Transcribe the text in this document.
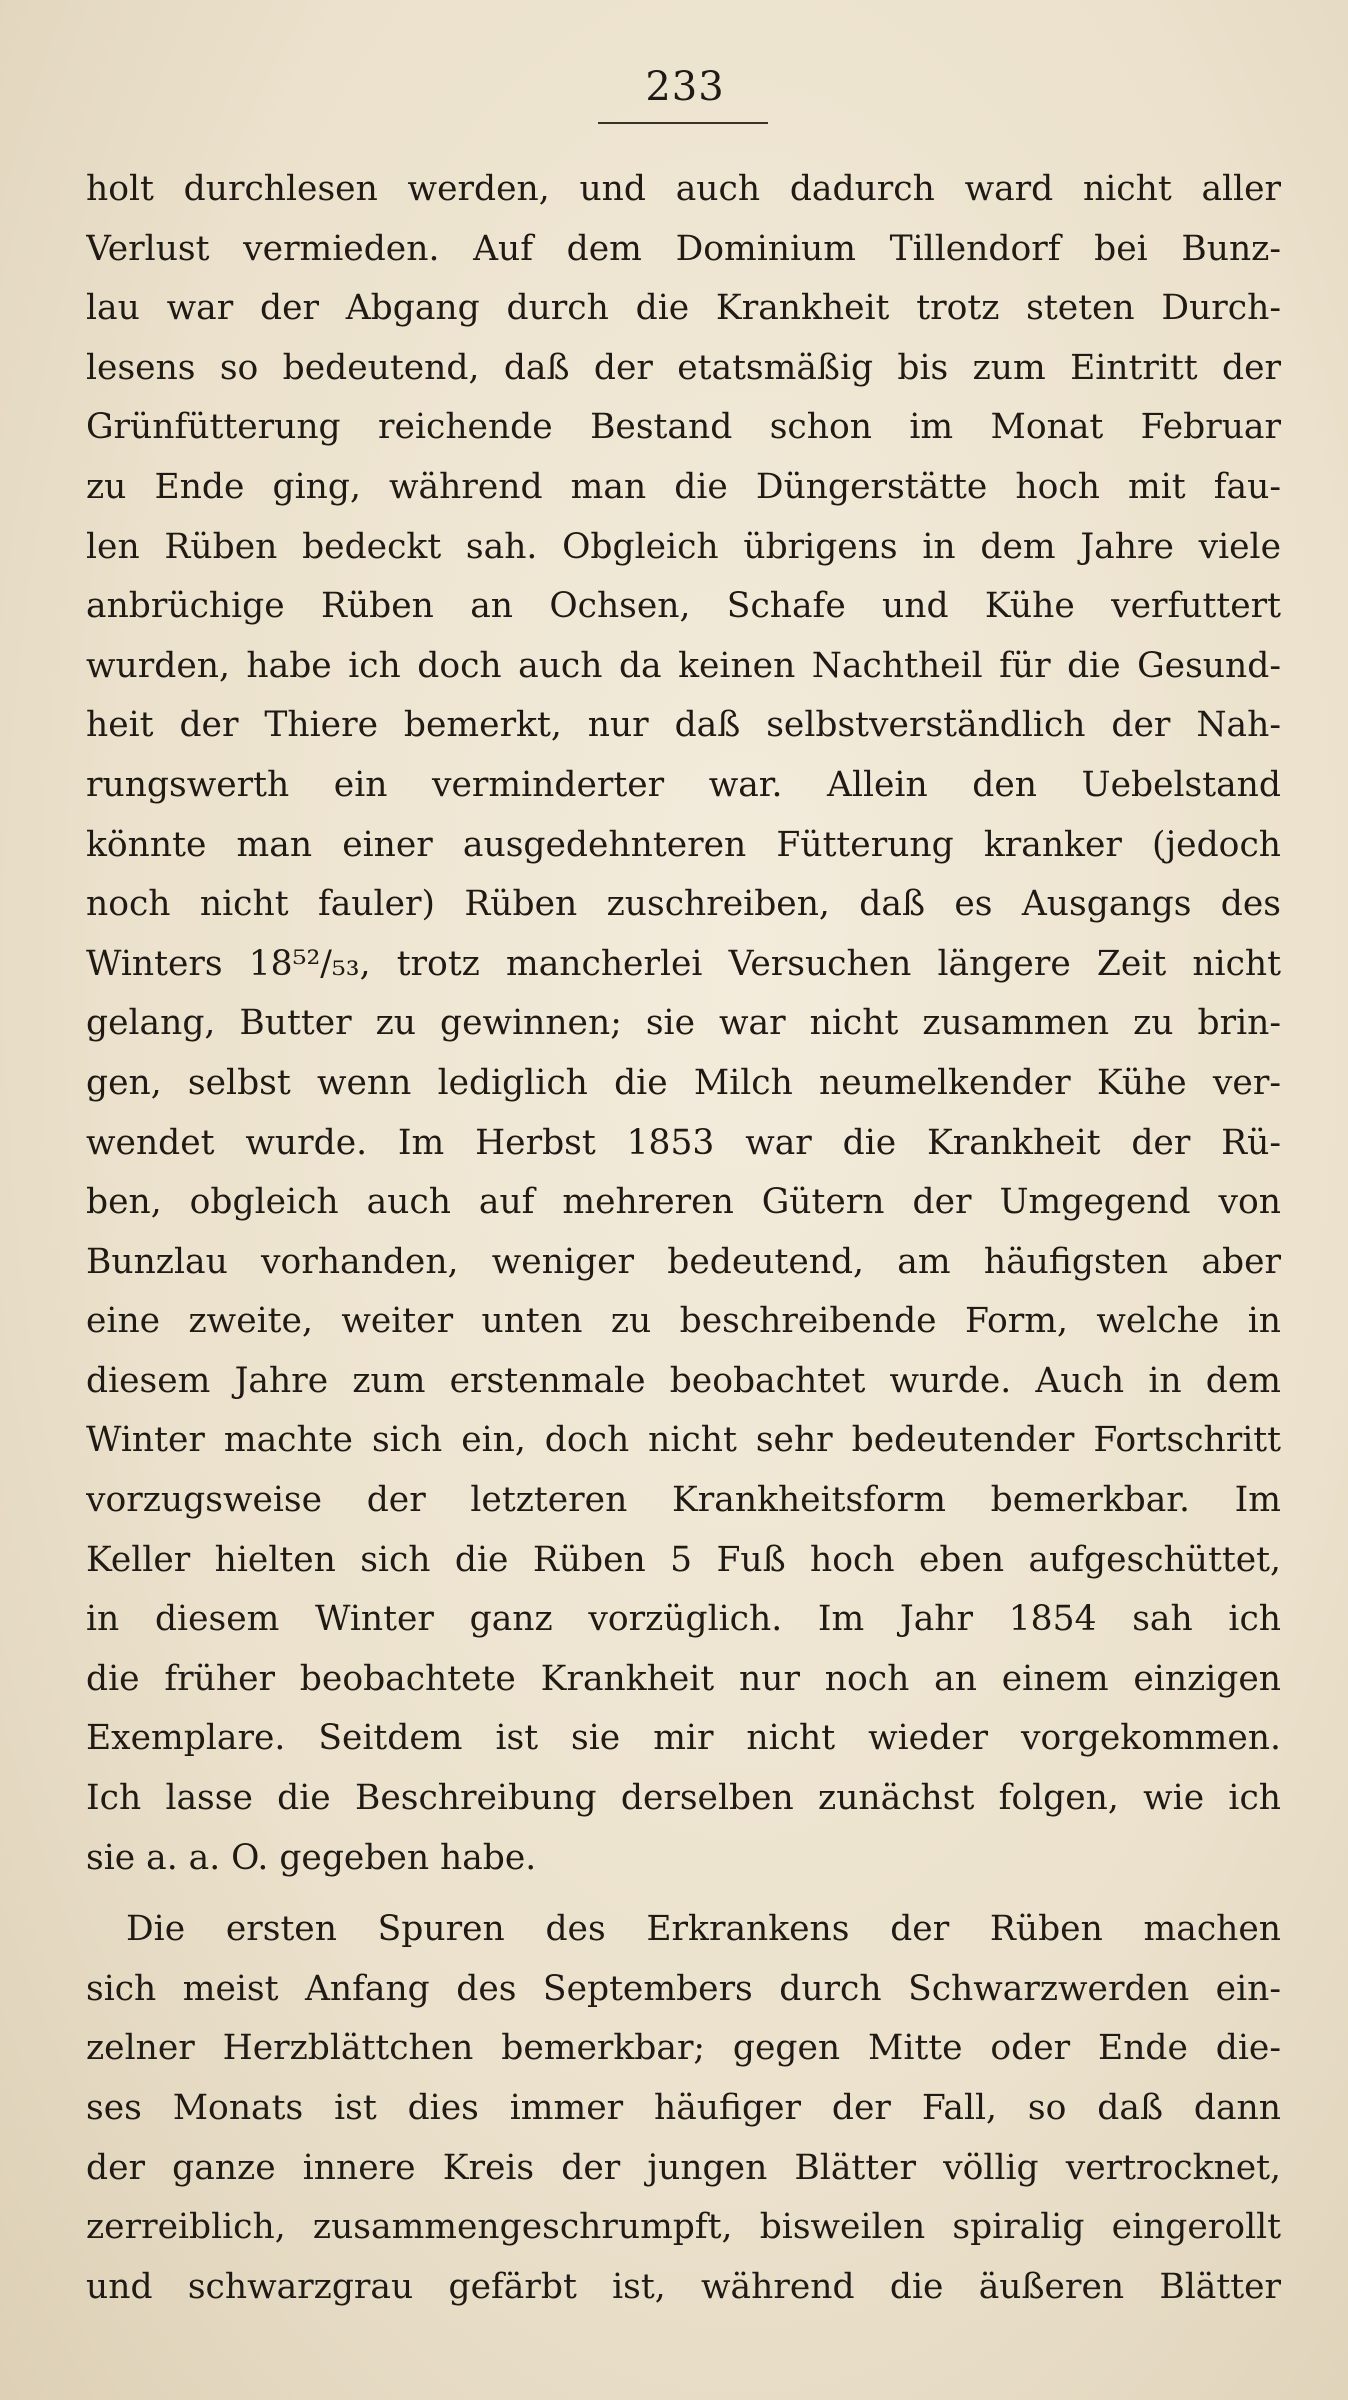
233
holt durchlesen werden, und auch dadurch ward nicht aller
Verlust vermieden. Auf dem Dominium Tillendorf bei Bunz-
lau war der Abgang durch die Krankheit trotz steten Durch-
lesens so bedeutend, daß der etatsmäßig bis zum Eintritt der
Grünfütterung reichende Bestand schon im Monat Februar
zu Ende ging, während man die Düngerstätte hoch mit fau-
len Rüben bedeckt sah. Obgleich übrigens in dem Jahre viele
anbrüchige Rüben an Ochsen, Schafe und Kühe verfuttert
wurden, habe ich doch auch da keinen Nachtheil für die Gesund-
heit der Thiere bemerkt, nur daß selbstverständlich der Nah-
rungswerth ein verminderter war. Allein den Uebelstand
könnte man einer ausgedehnteren Fütterung kranker (jedoch
noch nicht fauler) Rüben zuschreiben, daß es Ausgangs des
Winters 18⁵²/₅₃, trotz mancherlei Versuchen längere Zeit nicht
gelang, Butter zu gewinnen; sie war nicht zusammen zu brin-
gen, selbst wenn lediglich die Milch neumelkender Kühe ver-
wendet wurde. Im Herbst 1853 war die Krankheit der Rü-
ben, obgleich auch auf mehreren Gütern der Umgegend von
Bunzlau vorhanden, weniger bedeutend, am häufigsten aber
eine zweite, weiter unten zu beschreibende Form, welche in
diesem Jahre zum erstenmale beobachtet wurde. Auch in dem
Winter machte sich ein, doch nicht sehr bedeutender Fortschritt
vorzugsweise der letzteren Krankheitsform bemerkbar. Im
Keller hielten sich die Rüben 5 Fuß hoch eben aufgeschüttet,
in diesem Winter ganz vorzüglich. Im Jahr 1854 sah ich
die früher beobachtete Krankheit nur noch an einem einzigen
Exemplare. Seitdem ist sie mir nicht wieder vorgekommen.
Ich lasse die Beschreibung derselben zunächst folgen, wie ich
sie a. a. O. gegeben habe.
Die ersten Spuren des Erkrankens der Rüben machen
sich meist Anfang des Septembers durch Schwarzwerden ein-
zelner Herzblättchen bemerkbar; gegen Mitte oder Ende die-
ses Monats ist dies immer häufiger der Fall, so daß dann
der ganze innere Kreis der jungen Blätter völlig vertrocknet,
zerreiblich, zusammengeschrumpft, bisweilen spiralig eingerollt
und schwarzgrau gefärbt ist, während die äußeren Blätter
